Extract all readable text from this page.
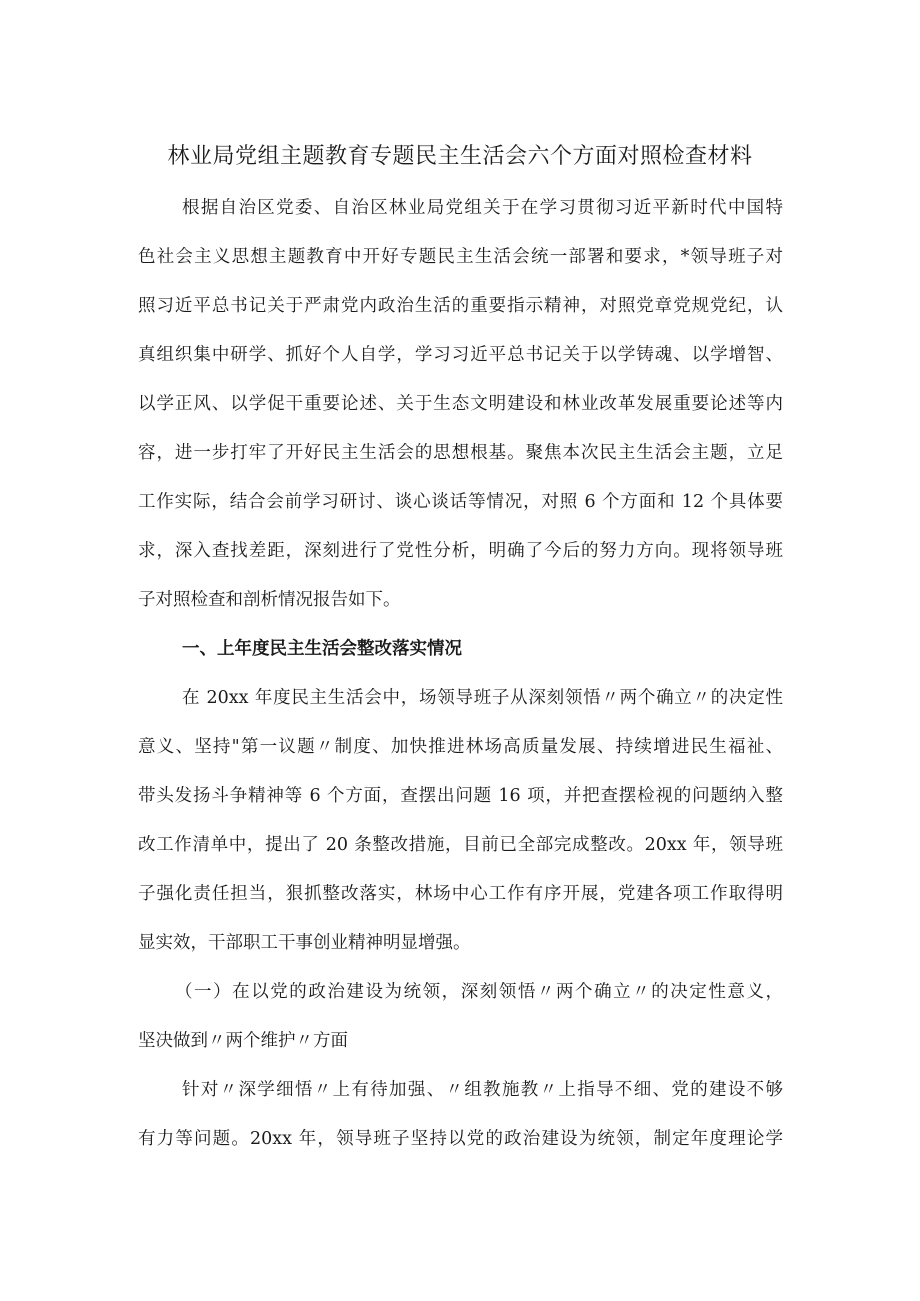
林业局党组主题教育专题民主生活会六个方面对照检查材料

根据自治区党委、自治区林业局党组关于在学习贯彻习近平新时代中国特

色社会主义思想主题教育中开好专题民主生活会统一部署和要求，*领导班子对

照习近平总书记关于严肃党内政治生活的重要指示精神，对照党章党规党纪，认

真组织集中研学、抓好个人自学，学习习近平总书记关于以学铸魂、以学增智、

以学正风、以学促干重要论述、关于生态文明建设和林业改革发展重要论述等内

容，进一步打牢了开好民主生活会的思想根基。聚焦本次民主生活会主题，立足

工作实际，结合会前学习研讨、谈心谈话等情况，对照 6 个方面和 12 个具体要

求，深入查找差距，深刻进行了党性分析，明确了今后的努力方向。现将领导班

子对照检查和剖析情况报告如下。

一、上年度民主生活会整改落实情况

在 20xx 年度民主生活会中，场领导班子从深刻领悟〃两个确立〃的决定性

意义、坚持"第一议题〃制度、加快推进林场高质量发展、持续增进民生福祉、

带头发扬斗争精神等 6 个方面，查摆出问题 16 项，并把查摆检视的问题纳入整

改工作清单中，提出了 20 条整改措施，目前已全部完成整改。20xx 年，领导班

子强化责任担当，狠抓整改落实，林场中心工作有序开展，党建各项工作取得明

显实效，干部职工干事创业精神明显增强。

（一）在以党的政治建设为统领，深刻领悟〃两个确立〃的决定性意义，

坚决做到〃两个维护〃方面

针对〃深学细悟〃上有待加强、〃组教施教〃上指导不细、党的建设不够

有力等问题。20xx 年，领导班子坚持以党的政治建设为统领，制定年度理论学
